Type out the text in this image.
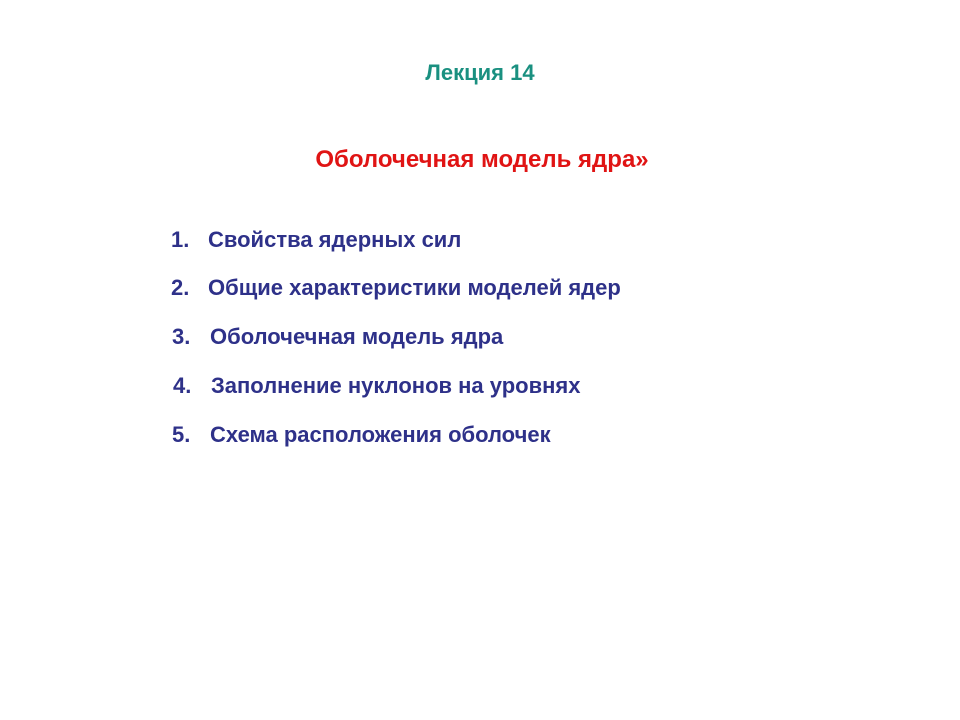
Лекция 14
Оболочечная модель ядра»
1. Свойства ядерных сил
2. Общие характеристики моделей ядер
3. Оболочечная модель ядра
4. Заполнение нуклонов на уровнях
5. Схема расположения оболочек
